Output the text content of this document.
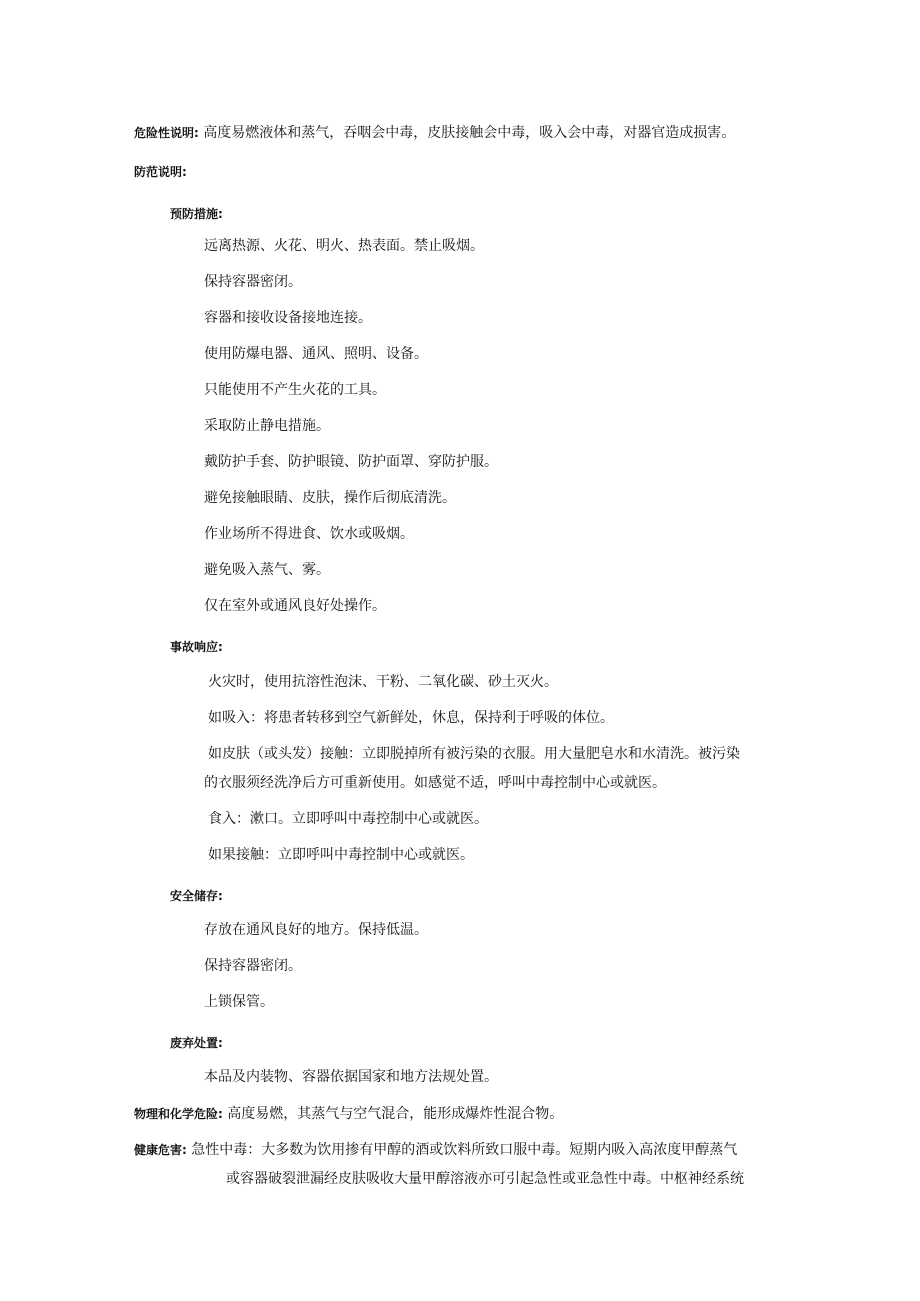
危险性说明: 高度易燃液体和蒸气，吞咽会中毒，皮肤接触会中毒，吸入会中毒，对器官造成损害。
防范说明:
预防措施:
远离热源、火花、明火、热表面。禁止吸烟。
保持容器密闭。
容器和接收设备接地连接。
使用防爆电器、通风、照明、设备。
只能使用不产生火花的工具。
采取防止静电措施。
戴防护手套、防护眼镜、防护面罩、穿防护服。
避免接触眼睛、皮肤，操作后彻底清洗。
作业场所不得进食、饮水或吸烟。
避免吸入蒸气、雾。
仅在室外或通风良好处操作。
事故响应:
火灾时，使用抗溶性泡沫、干粉、二氧化碳、砂土灭火。
如吸入：将患者转移到空气新鲜处，休息，保持利于呼吸的体位。
如皮肤（或头发）接触：立即脱掉所有被污染的衣服。用大量肥皂水和水清洗。被污染
的衣服须经洗净后方可重新使用。如感觉不适，呼叫中毒控制中心或就医。
食入：漱口。立即呼叫中毒控制中心或就医。
如果接触：立即呼叫中毒控制中心或就医。
安全储存:
存放在通风良好的地方。保持低温。
保持容器密闭。
上锁保管。
废弃处置:
本品及内装物、容器依据国家和地方法规处置。
物理和化学危险: 高度易燃，其蒸气与空气混合，能形成爆炸性混合物。
健康危害: 急性中毒：大多数为饮用掺有甲醇的酒或饮料所致口服中毒。短期内吸入高浓度甲醇蒸气
或容器破裂泄漏经皮肤吸收大量甲醇溶液亦可引起急性或亚急性中毒。中枢神经系统
